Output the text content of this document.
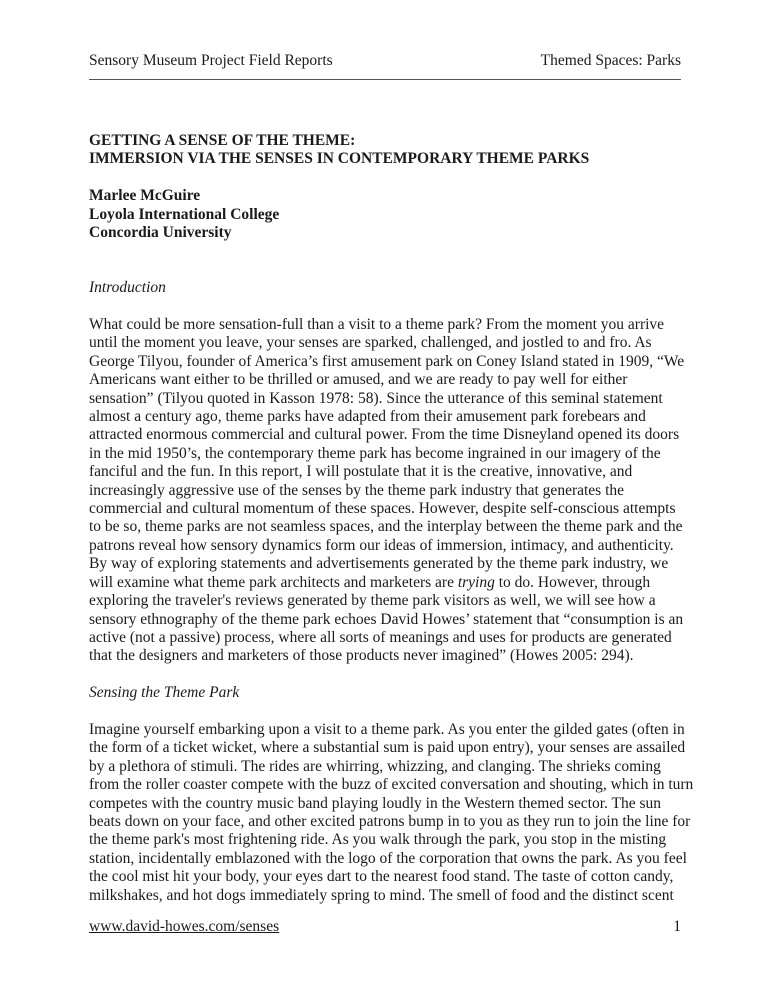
Sensory Museum Project Field Reports	Themed Spaces: Parks
GETTING A SENSE OF THE THEME:
IMMERSION VIA THE SENSES IN CONTEMPORARY THEME PARKS
Marlee McGuire
Loyola International College
Concordia University
Introduction
What could be more sensation-full than a visit to a theme park? From the moment you arrive
until the moment you leave, your senses are sparked, challenged, and jostled to and fro. As
George Tilyou, founder of America’s first amusement park on Coney Island stated in 1909, “We
Americans want either to be thrilled or amused, and we are ready to pay well for either
sensation” (Tilyou quoted in Kasson 1978: 58). Since the utterance of this seminal statement
almost a century ago, theme parks have adapted from their amusement park forebears and
attracted enormous commercial and cultural power. From the time Disneyland opened its doors
in the mid 1950’s, the contemporary theme park has become ingrained in our imagery of the
fanciful and the fun. In this report, I will postulate that it is the creative, innovative, and
increasingly aggressive use of the senses by the theme park industry that generates the
commercial and cultural momentum of these spaces. However, despite self-conscious attempts
to be so, theme parks are not seamless spaces, and the interplay between the theme park and the
patrons reveal how sensory dynamics form our ideas of immersion, intimacy, and authenticity.
By way of exploring statements and advertisements generated by the theme park industry, we
will examine what theme park architects and marketers are trying to do. However, through
exploring the traveler's reviews generated by theme park visitors as well, we will see how a
sensory ethnography of the theme park echoes David Howes’ statement that “consumption is an
active (not a passive) process, where all sorts of meanings and uses for products are generated
that the designers and marketers of those products never imagined” (Howes 2005: 294).
Sensing the Theme Park
Imagine yourself embarking upon a visit to a theme park. As you enter the gilded gates (often in
the form of a ticket wicket, where a substantial sum is paid upon entry), your senses are assailed
by a plethora of stimuli. The rides are whirring, whizzing, and clanging. The shrieks coming
from the roller coaster compete with the buzz of excited conversation and shouting, which in turn
competes with the country music band playing loudly in the Western themed sector. The sun
beats down on your face, and other excited patrons bump in to you as they run to join the line for
the theme park's most frightening ride. As you walk through the park, you stop in the misting
station, incidentally emblazoned with the logo of the corporation that owns the park. As you feel
the cool mist hit your body, your eyes dart to the nearest food stand. The taste of cotton candy,
milkshakes, and hot dogs immediately spring to mind. The smell of food and the distinct scent
www.david-howes.com/senses	1
